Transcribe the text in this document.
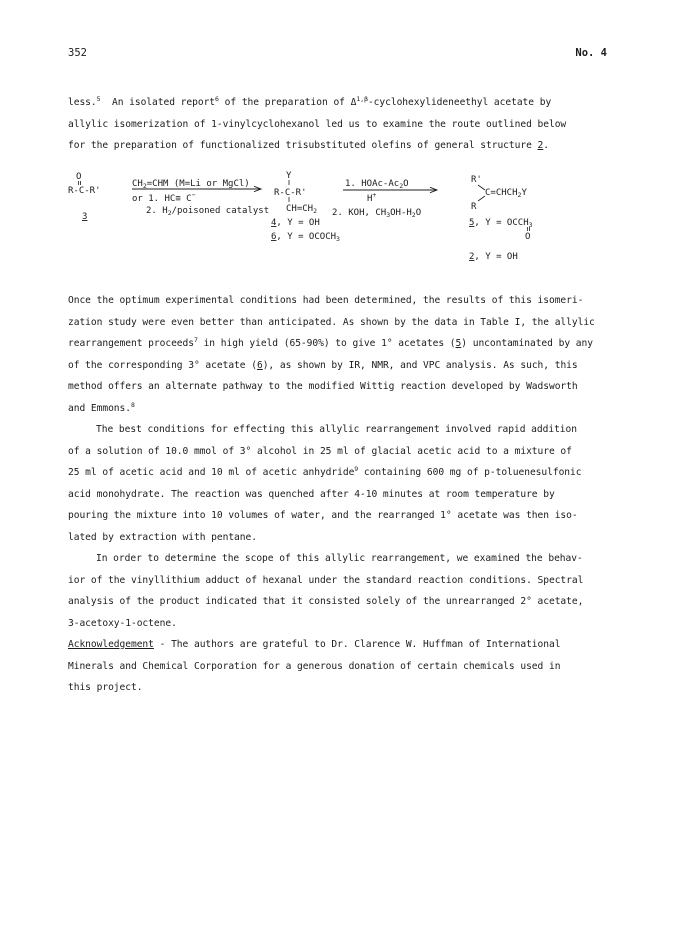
352	No. 4
less.$^5$  An isolated report$^6$ of the preparation of $\Delta^{1,\beta}$-cyclohexylideneethyl acetate by
allylic isomerization of 1-vinylcyclohexanol led us to examine the route outlined below
for the preparation of functionalized trisubstituted olefins of general structure 2.
O
R-C-R'
3
$CH_2=CHM$ (M=Li or MgCl)
or 1. HC≡ C−
2. $H_2$/poisoned catalyst
Y
R-C-R'
$CH=CH_2$
4, Y = OH
6, $Y = OCOCH_3$
1. HOAc-$Ac_2O$
H+
2. KOH, $CH_3OH-H_2O$
R'
$C=CHCH_2Y$
R
5, $Y = OCCH_3$
O
2, Y = OH
Once the optimum experimental conditions had been determined, the results of this isomeri-
zation study were even better than anticipated. As shown by the data in Table I, the allylic
rearrangement proceeds$^7$ in high yield (65-90%) to give 1° acetates (5) uncontaminated by any
of the corresponding 3° acetate (6), as shown by IR, NMR, and VPC analysis. As such, this
method offers an alternate pathway to the modified Wittig reaction developed by Wadsworth
and Emmons.$^8$
The best conditions for effecting this allylic rearrangement involved rapid addition
of a solution of 10.0 mmol of 3° alcohol in 25 ml of glacial acetic acid to a mixture of
25 ml of acetic acid and 10 ml of acetic anhydride$^9$ containing 600 mg of p-toluenesulfonic
acid monohydrate. The reaction was quenched after 4-10 minutes at room temperature by
pouring the mixture into 10 volumes of water, and the rearranged 1° acetate was then iso-
lated by extraction with pentane.
In order to determine the scope of this allylic rearrangement, we examined the behav-
ior of the vinyllithium adduct of hexanal under the standard reaction conditions. Spectral
analysis of the product indicated that it consisted solely of the unrearranged 2° acetate,
3-acetoxy-1-octene.
Acknowledgement - The authors are grateful to Dr. Clarence W. Huffman of International
Minerals and Chemical Corporation for a generous donation of certain chemicals used in
this project.
